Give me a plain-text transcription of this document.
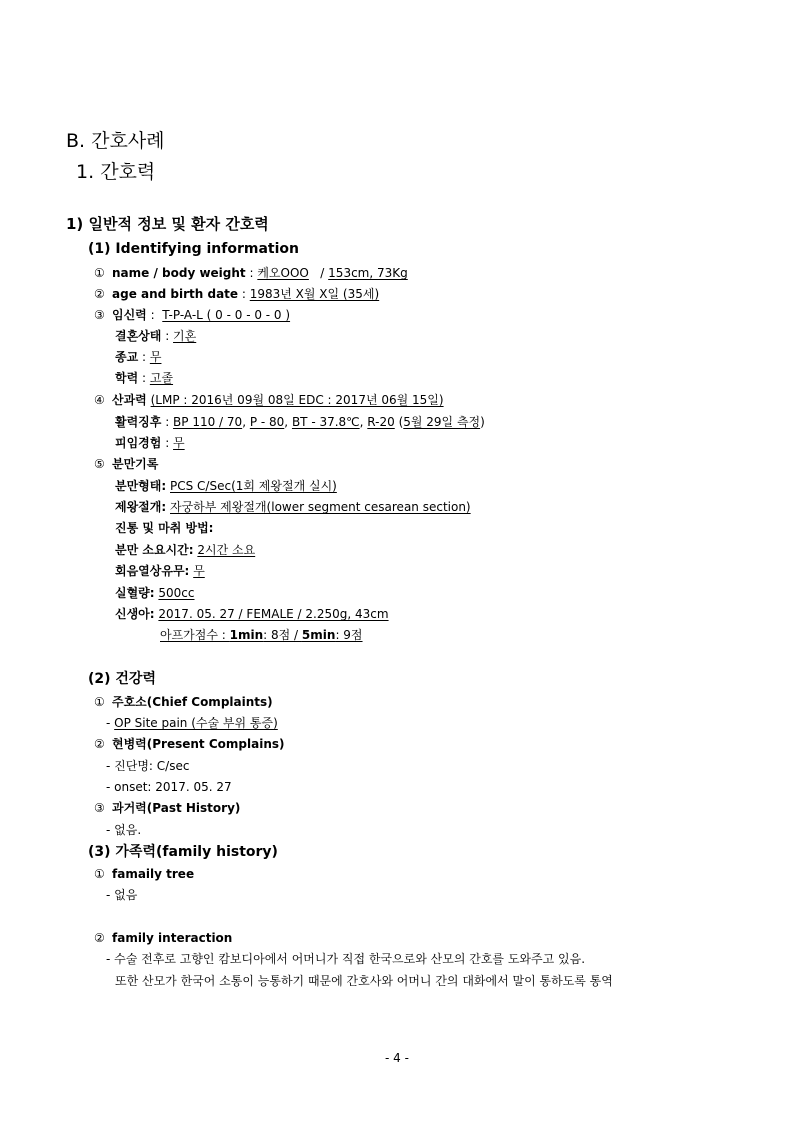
B. 간호사례
1. 간호력
1) 일반적 정보 및 환자 간호력
(1) Identifying information
① name / body weight : 케오OOO   / 153cm, 73Kg
② age and birth date : 1983년 X월 X일 (35세)
③ 임신력 :  T-P-A-L ( 0 - 0 - 0 - 0 )
결혼상태 : 기혼
종교 : 무
학력 : 고졸
④ 산과력 (LMP : 2016년 09월 08일 EDC : 2017년 06월 15일)
활력징후 : BP 110 / 70, P - 80, BT - 37.8℃, R-20 (5월 29일 측정)
피임경험 : 무
⑤ 분만기록
분만형태: PCS C/Sec(1회 제왕절개 실시)
제왕절개: 자궁하부 제왕절개(lower segment cesarean section)
진통 및 마취 방법:
분만 소요시간: 2시간 소요
회음열상유무: 무
실혈량: 500cc
신생아: 2017. 05. 27 / FEMALE / 2.250g, 43cm
아프가점수 : 1min: 8점 / 5min: 9점
(2) 건강력
① 주호소(Chief Complaints)
- OP Site pain (수술 부위 통증)
② 현병력(Present Complains)
- 진단명: C/sec
- onset: 2017. 05. 27
③ 과거력(Past History)
- 없음.
(3) 가족력(family history)
① famaily tree
- 없음
② family interaction
- 수술 전후로 고향인 캄보디아에서 어머니가 직접 한국으로와 산모의 간호를 도와주고 있음.
또한 산모가 한국어 소통이 능통하기 때문에 간호사와 어머니 간의 대화에서 말이 통하도록 통역
- 4 -
